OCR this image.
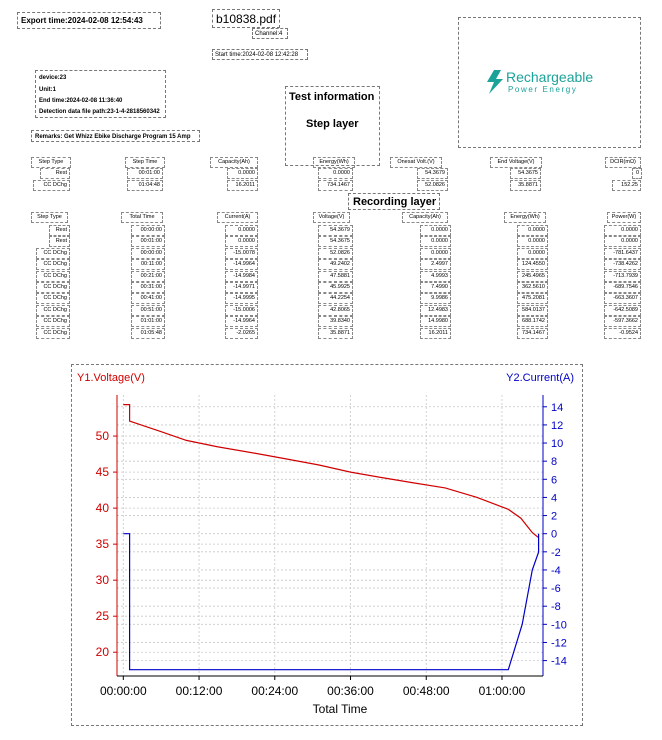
Export time:2024-02-08 12:54:43	b10838.pdf
Channel:4
Start time:2024-02-08 12:42:28
device:23
Unit:1
End time:2024-02-08 11:36:40
Detection data file path:23-1-4-2818560342
Remarks: Get Whizz Ebike Discharge Program 15 Amp
Test information
Step layer
Rechargeable
Power Energy
Step Type	Step Time	Capacity(Ah)	Energy(Wh)	Onesat Volt.(V)	End Voltage(V)	DCIR(mΩ)
Rest	00:01:00	0.0000	0.0000	54.3679	54.3675	0
CC DChg	01:04:48	16.2011	734.1467	52.0826	35.8871	152.25
Recording layer
Step Type	Total Time	Current(A)	Voltage(V)	Capacity(Ah)	Energy(Wh)	Power(W)
Rest	00:00:00	0.0000	54.3679	0.0000	0.0000	0.0000
Rest	00:01:00	0.0000	54.3675	0.0000	0.0000	0.0000
CC DChg	00:00:00	-15.0078	52.0826	0.0000	0.0000	-781.6437
CC DChg	00:11:00	-14.9964	49.2402	2.4997	124.4550	-738.4262
CC DChg	00:21:00	-14.9984	47.5881	4.9993	245.4965	-713.7939
CC DChg	00:31:00	-14.9971	45.9925	7.4990	362.5610	-689.7546
CC DChg	00:41:00	-14.9995	44.2254	9.9986	475.2081	-663.3607
CC DChg	00:51:00	-15.0006	42.8065	12.4983	584.0137	-642.5089
CC DChg	01:01:00	-14.9964	39.8340	14.9980	688.1742	-597.3662
CC DChg	01:05:48	-2.0265	35.8871	16.2011	734.1467	-0.9524
20
25
30
35
40
45
50
14
12
10
8
6
4
2
0
-2
-4
-6
-8
-10
-12
-14
00:00:00 00:12:00 00:24:00 00:36:00 00:48:00 01:00:00
Y1.Voltage(V)	Y2.Current(A)
Total Time
